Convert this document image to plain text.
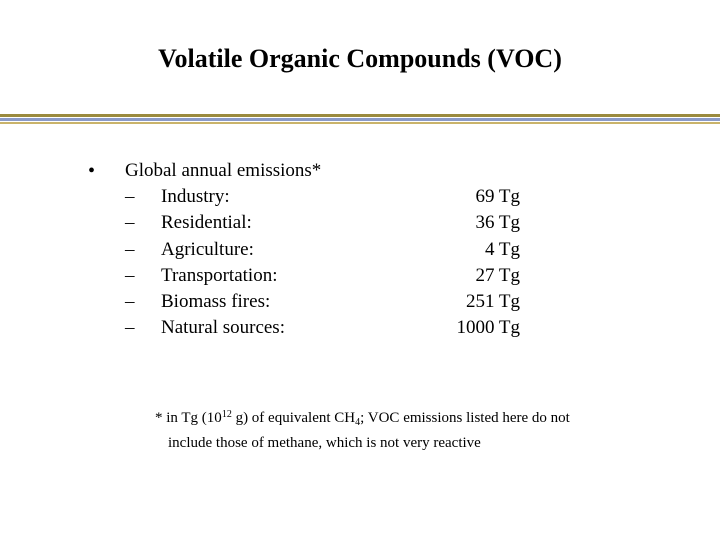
Volatile Organic Compounds (VOC)
• Global annual emissions*
– Industry:	69 Tg
– Residential:	36 Tg
– Agriculture:	4 Tg
– Transportation:	27 Tg
– Biomass fires:	251 Tg
– Natural sources:	1000 Tg
* in Tg ($10^{12}$ g) of equivalent $CH_4$; VOC emissions listed here do not
include those of methane, which is not very reactive
